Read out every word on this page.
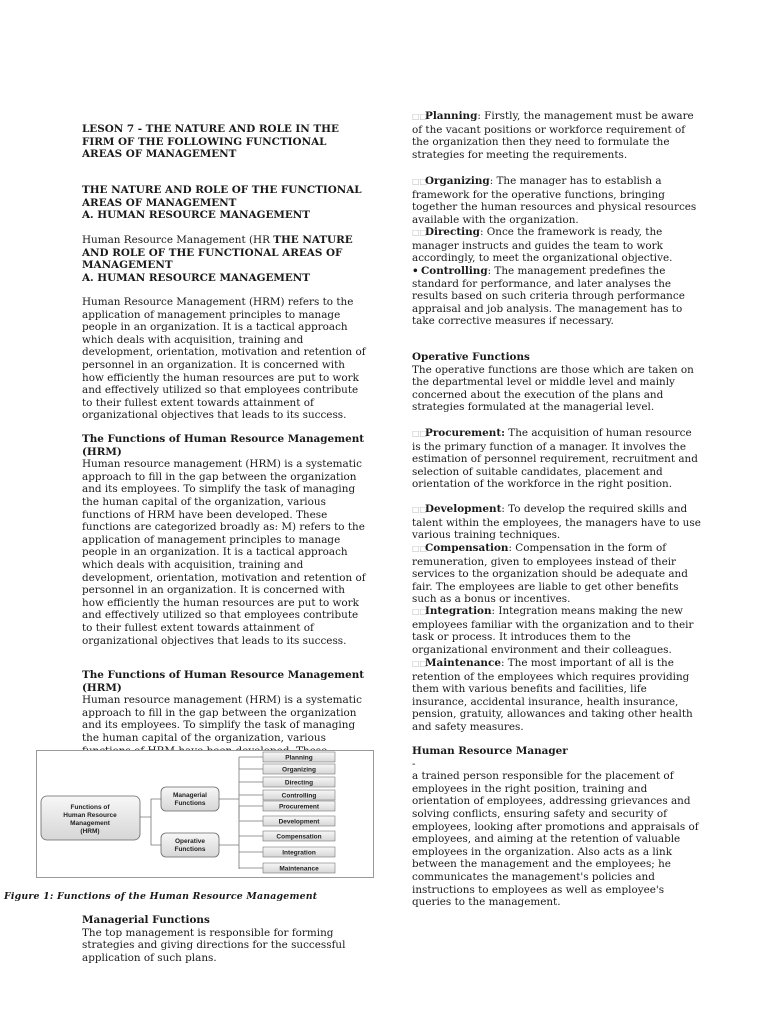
LESON 7 - THE NATURE AND ROLE IN THE FIRM OF THE FOLLOWING FUNCTIONAL AREAS OF MANAGEMENT
THE NATURE AND ROLE OF THE FUNCTIONAL AREAS OF MANAGEMENT
A. HUMAN RESOURCE MANAGEMENT
Human Resource Management (HR THE NATURE AND ROLE OF THE FUNCTIONAL AREAS OF MANAGEMENT
A. HUMAN RESOURCE MANAGEMENT
Human Resource Management (HRM) refers to the application of management principles to manage people in an organization. It is a tactical approach which deals with acquisition, training and development, orientation, motivation and retention of personnel in an organization. It is concerned with how efficiently the human resources are put to work and effectively utilized so that employees contribute to their fullest extent towards attainment of organizational objectives that leads to its success.
The Functions of Human Resource Management (HRM)
Human resource management (HRM) is a systematic approach to fill in the gap between the organization and its employees. To simplify the task of managing the human capital of the organization, various functions of HRM have been developed. These functions are categorized broadly as: M) refers to the application of management principles to manage people in an organization. It is a tactical approach which deals with acquisition, training and development, orientation, motivation and retention of personnel in an organization. It is concerned with how efficiently the human resources are put to work and effectively utilized so that employees contribute to their fullest extent towards attainment of organizational objectives that leads to its success.
The Functions of Human Resource Management (HRM)
Human resource management (HRM) is a systematic approach to fill in the gap between the organization and its employees. To simplify the task of managing the human capital of the organization, various
Managerial Functions
The top management is responsible for forming strategies and giving directions for the successful application of such plans.
Functions of
Human Resource
Management
(HRM)
Managerial
Functions
Operative
Functions
Planning
Organizing
Directing
Controlling
Procurement
Development
Compensation
Integration
Maintenance
Figure 1: Functions of the Human Resource Management
□□Planning: Firstly, the management must be aware of the vacant positions or workforce requirement of the organization then they need to formulate the strategies for meeting the requirements.
□□Organizing: The manager has to establish a framework for the operative functions, bringing together the human resources and physical resources available with the organization.
□□Directing: Once the framework is ready, the manager instructs and guides the team to work accordingly, to meet the organizational objective.
• Controlling: The management predefines the standard for performance, and later analyses the results based on such criteria through performance appraisal and job analysis. The management has to take corrective measures if necessary.
Operative Functions
The operative functions are those which are taken on the departmental level or middle level and mainly concerned about the execution of the plans and strategies formulated at the managerial level.
□□Procurement: The acquisition of human resource is the primary function of a manager. It involves the estimation of personnel requirement, recruitment and selection of suitable candidates, placement and orientation of the workforce in the right position.
□□Development: To develop the required skills and talent within the employees, the managers have to use various training techniques.
□□Compensation: Compensation in the form of remuneration, given to employees instead of their services to the organization should be adequate and fair. The employees are liable to get other benefits such as a bonus or incentives.
□□Integration: Integration means making the new employees familiar with the organization and to their task or process. It introduces them to the organizational environment and their colleagues.
□□Maintenance: The most important of all is the retention of the employees which requires providing them with various benefits and facilities, life insurance, accidental insurance, health insurance, pension, gratuity, allowances and taking other health and safety measures.
Human Resource Manager
-
a trained person responsible for the placement of employees in the right position, training and orientation of employees, addressing grievances and solving conflicts, ensuring safety and security of employees, looking after promotions and appraisals of employees, and aiming at the retention of valuable employees in the organization. Also acts as a link between the management and the employees; he communicates the management's policies and instructions to employees as well as employee's queries to the management.
